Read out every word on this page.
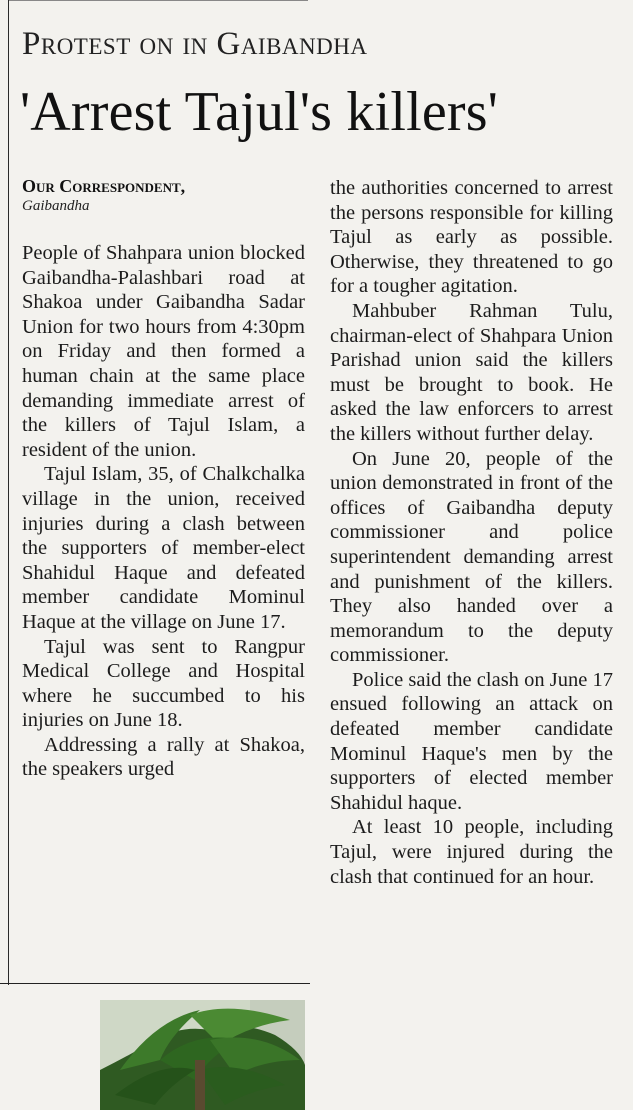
Protest on in Gaibandha
'Arrest Tajul's killers'
Our Correspondent,
Gaibandha

People of Shahpara union blocked Gaibandha-Palashbari road at Shakoa under Gaibandha Sadar Union for two hours from 4:30pm on Friday and then formed a human chain at the same place demanding immediate arrest of the killers of Tajul Islam, a resident of the union.

Tajul Islam, 35, of Chalkchalka village in the union, received injuries during a clash between the supporters of member-elect Shahidul Haque and defeated member candidate Mominul Haque at the village on June 17.

Tajul was sent to Rangpur Medical College and Hospital where he succumbed to his injuries on June 18.

Addressing a rally at Shakoa, the speakers urged

the authorities concerned to arrest the persons responsible for killing Tajul as early as possible. Otherwise, they threatened to go for a tougher agitation.

Mahbuber Rahman Tulu, chairman-elect of Shahpara Union Parishad union said the killers must be brought to book. He asked the law enforcers to arrest the killers without further delay.

On June 20, people of the union demonstrated in front of the offices of Gaibandha deputy commissioner and police superintendent demanding arrest and punishment of the killers. They also handed over a memorandum to the deputy commissioner.

Police said the clash on June 17 ensued following an attack on defeated member candidate Mominul Haque's men by the supporters of elected member Shahidul haque.

At least 10 people, including Tajul, were injured during the clash that continued for an hour.
